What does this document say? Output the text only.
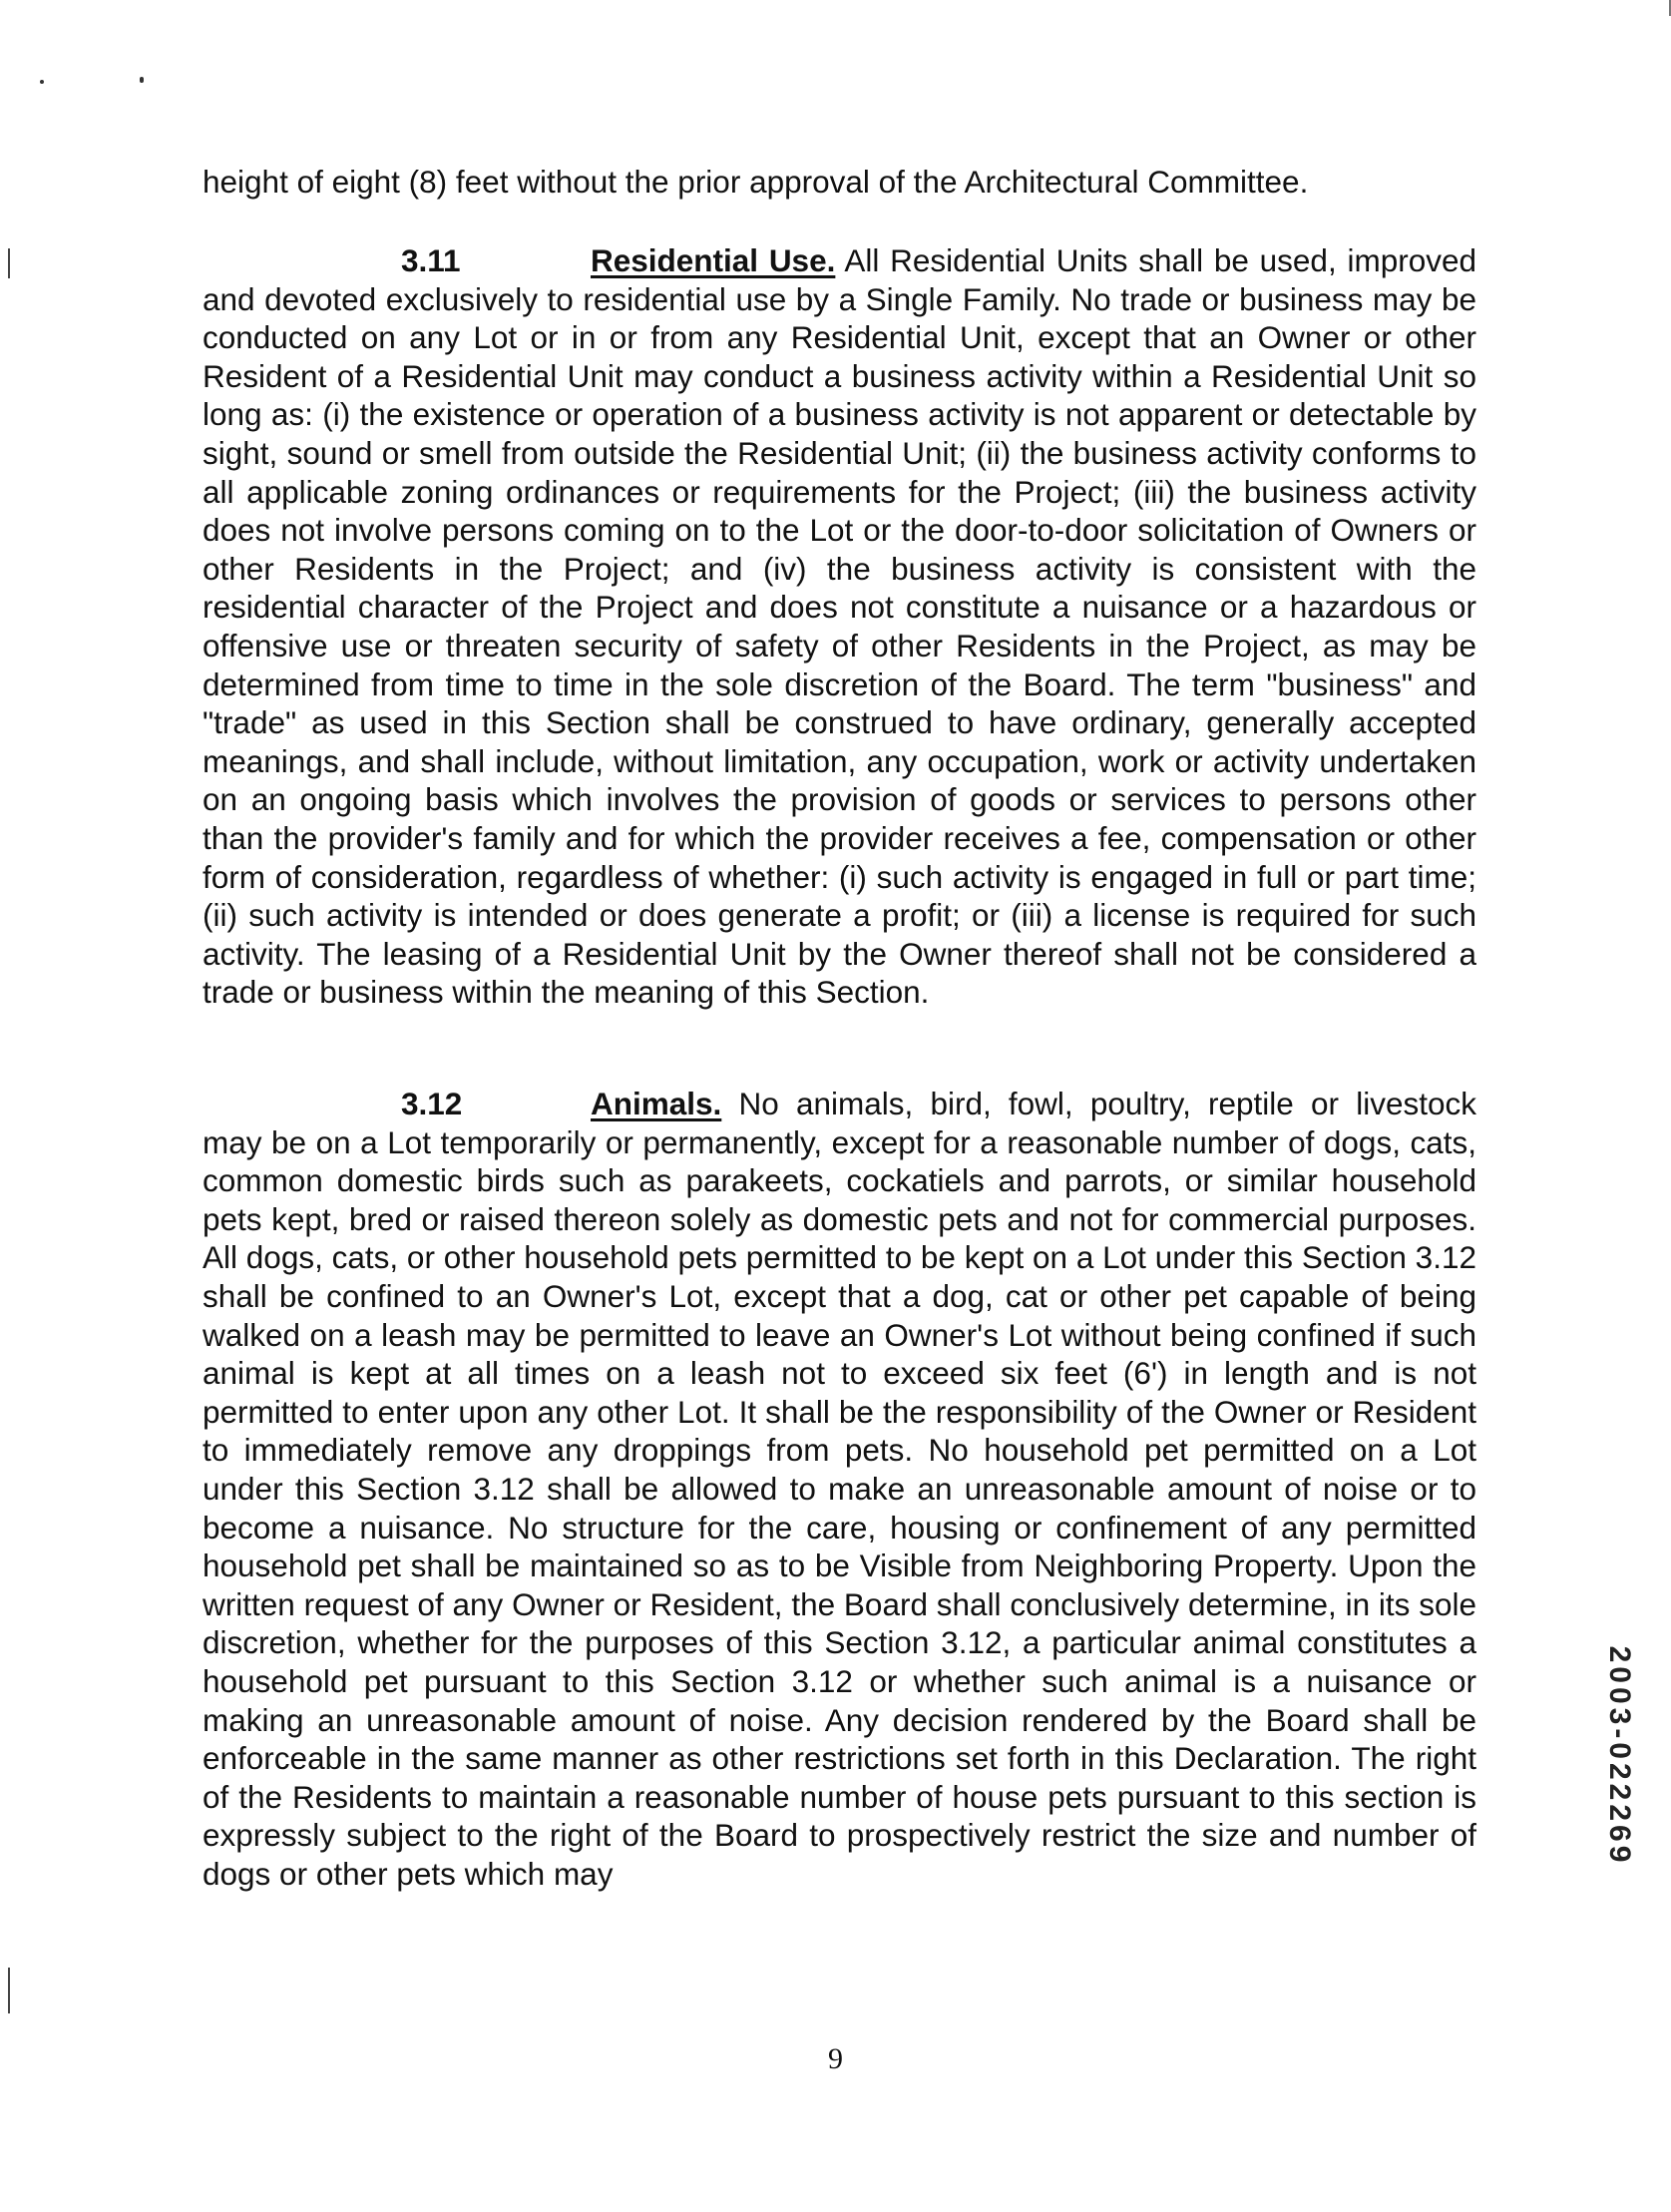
height of eight (8) feet without the prior approval of the Architectural Committee.

3.11	Residential Use. All Residential Units shall be used, improved and devoted exclusively to residential use by a Single Family. No trade or business may be conducted on any Lot or in or from any Residential Unit, except that an Owner or other Resident of a Residential Unit may conduct a business activity within a Residential Unit so long as: (i) the existence or operation of a business activity is not apparent or detectable by sight, sound or smell from outside the Residential Unit; (ii) the business activity conforms to all applicable zoning ordinances or requirements for the Project; (iii) the business activity does not involve persons coming on to the Lot or the door-to-door solicitation of Owners or other Residents in the Project; and (iv) the business activity is consistent with the residential character of the Project and does not constitute a nuisance or a hazardous or offensive use or threaten security of safety of other Residents in the Project, as may be determined from time to time in the sole discretion of the Board. The term "business" and "trade" as used in this Section shall be construed to have ordinary, generally accepted meanings, and shall include, without limitation, any occupation, work or activity undertaken on an ongoing basis which involves the provision of goods or services to persons other than the provider's family and for which the provider receives a fee, compensation or other form of consideration, regardless of whether: (i) such activity is engaged in full or part time; (ii) such activity is intended or does generate a profit; or (iii) a license is required for such activity. The leasing of a Residential Unit by the Owner thereof shall not be considered a trade or business within the meaning of this Section.

3.12	Animals. No animals, bird, fowl, poultry, reptile or livestock may be on a Lot temporarily or permanently, except for a reasonable number of dogs, cats, common domestic birds such as parakeets, cockatiels and parrots, or similar household pets kept, bred or raised thereon solely as domestic pets and not for commercial purposes. All dogs, cats, or other household pets permitted to be kept on a Lot under this Section 3.12 shall be confined to an Owner's Lot, except that a dog, cat or other pet capable of being walked on a leash may be permitted to leave an Owner's Lot without being confined if such animal is kept at all times on a leash not to exceed six feet (6') in length and is not permitted to enter upon any other Lot. It shall be the responsibility of the Owner or Resident to immediately remove any droppings from pets. No household pet permitted on a Lot under this Section 3.12 shall be allowed to make an unreasonable amount of noise or to become a nuisance. No structure for the care, housing or confinement of any permitted household pet shall be maintained so as to be Visible from Neighboring Property. Upon the written request of any Owner or Resident, the Board shall conclusively determine, in its sole discretion, whether for the purposes of this Section 3.12, a particular animal constitutes a household pet pursuant to this Section 3.12 or whether such animal is a nuisance or making an unreasonable amount of noise. Any decision rendered by the Board shall be enforceable in the same manner as other restrictions set forth in this Declaration. The right of the Residents to maintain a reasonable number of house pets pursuant to this section is expressly subject to the right of the Board to prospectively restrict the size and number of dogs or other pets which may

2003-022269
9
